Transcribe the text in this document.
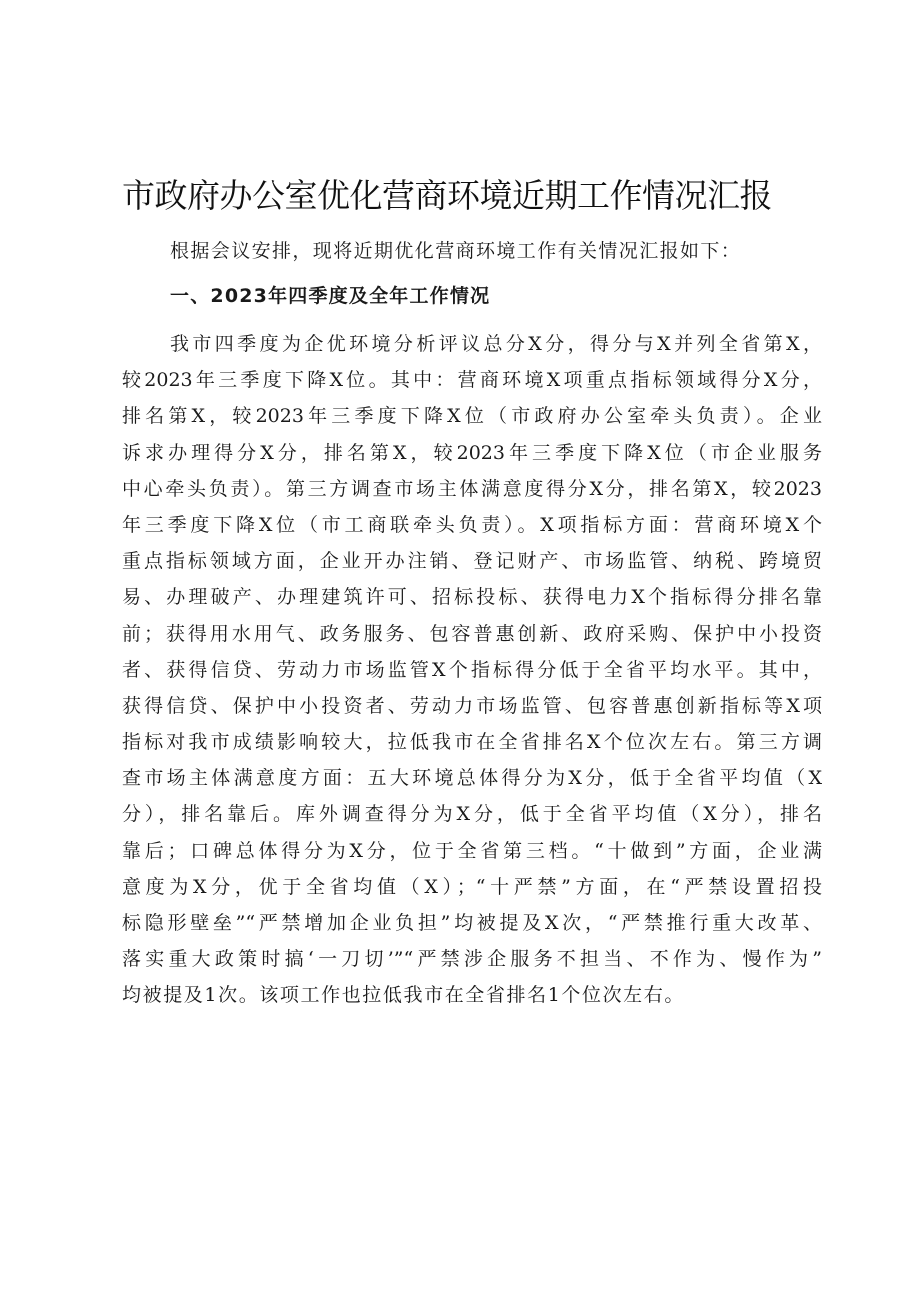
市政府办公室优化营商环境近期工作情况汇报

根据会议安排，现将近期优化营商环境工作有关情况汇报如下：

一、2023年四季度及全年工作情况
我市四季度为企优环境分析评议总分X分，得分与X并列全省第X，
较2023年三季度下降X位。其中：营商环境X项重点指标领域得分X分，
排名第X，较2023年三季度下降X位（市政府办公室牵头负责）。企业
诉求办理得分X分，排名第X，较2023年三季度下降X位（市企业服务
中心牵头负责）。第三方调查市场主体满意度得分X分，排名第X，较2023
年三季度下降X位（市工商联牵头负责）。X项指标方面：营商环境X个
重点指标领域方面，企业开办注销、登记财产、市场监管、纳税、跨境贸
易、办理破产、办理建筑许可、招标投标、获得电力X个指标得分排名靠
前；获得用水用气、政务服务、包容普惠创新、政府采购、保护中小投资
者、获得信贷、劳动力市场监管X个指标得分低于全省平均水平。其中，
获得信贷、保护中小投资者、劳动力市场监管、包容普惠创新指标等X项
指标对我市成绩影响较大，拉低我市在全省排名X个位次左右。第三方调
查市场主体满意度方面：五大环境总体得分为X分，低于全省平均值（X
分），排名靠后。库外调查得分为X分，低于全省平均值（X分），排名
靠后；口碑总体得分为X分，位于全省第三档。“十做到”方面，企业满
意度为X分，优于全省均值（X）；“十严禁”方面，在“严禁设置招投
标隐形壁垒”“严禁增加企业负担”均被提及X次，“严禁推行重大改革、
落实重大政策时搞‘一刀切’”“严禁涉企服务不担当、不作为、慢作为”
均被提及1次。该项工作也拉低我市在全省排名1个位次左右。
